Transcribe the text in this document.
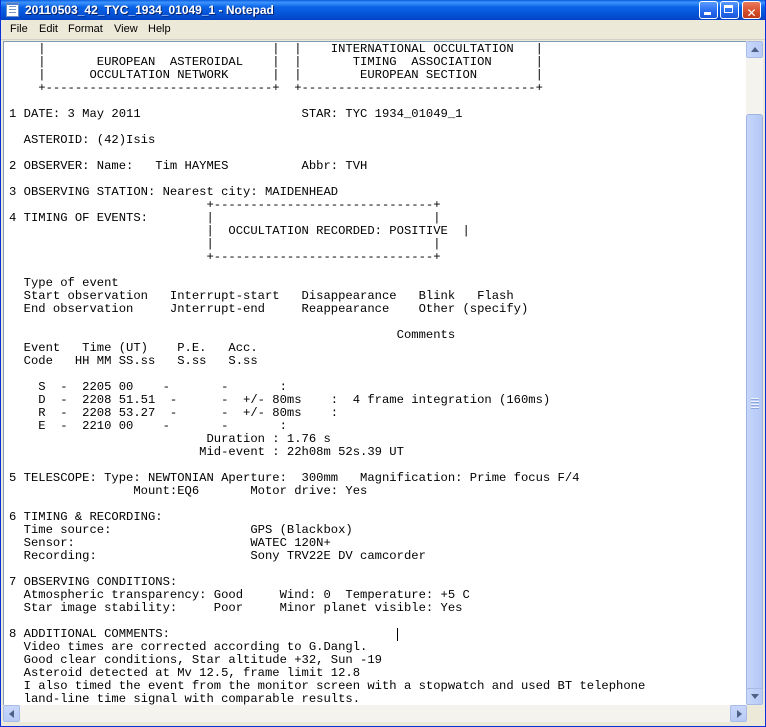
20110503_42_TYC_1934_01049_1 - Notepad	✕
File Edit Format View Help
|                               |  |    INTERNATIONAL OCCULTATION   |
|       EUROPEAN  ASTEROIDAL    |  |       TIMING  ASSOCIATION      |
|      OCCULTATION NETWORK      |  |        EUROPEAN SECTION        |
+-------------------------------+  +--------------------------------+

1 DATE: 3 May 2011                      STAR: TYC 1934_01049_1

ASTEROID: (42)Isis

2 OBSERVER: Name:   Tim HAYMES          Abbr: TVH

3 OBSERVING STATION: Nearest city: MAIDENHEAD
+------------------------------+
4 TIMING OF EVENTS:        |                              |
|  OCCULTATION RECORDED: POSITIVE  |
|                              |
+------------------------------+

Type of event
Start observation   Interrupt-start   Disappearance   Blink   Flash
End observation     Jnterrupt-end     Reappearance    Other (specify)

Comments
Event   Time (UT)    P.E.   Acc.
Code   HH MM SS.ss   S.ss   S.ss

S  -  2205 00    -       -       :
D  -  2208 51.51  -      -  +/- 80ms    :  4 frame integration (160ms)
R  -  2208 53.27  -      -  +/- 80ms    :
E  -  2210 00    -       -       :
Duration : 1.76 s
Mid-event : 22h08m 52s.39 UT

5 TELESCOPE: Type: NEWTONIAN Aperture:  300mm   Magnification: Prime focus F/4
Mount:EQ6       Motor drive: Yes

6 TIMING & RECORDING:
Time source:                   GPS (Blackbox)
Sensor:                        WATEC 120N+
Recording:                     Sony TRV22E DV camcorder

7 OBSERVING CONDITIONS:
Atmospheric transparency: Good     Wind: 0  Temperature: +5 C
Star image stability:     Poor     Minor planet visible: Yes

8 ADDITIONAL COMMENTS:
Video times are corrected according to G.Dangl.
Good clear conditions, Star altitude +32, Sun -19
Asteroid detected at Mv 12.5, frame limit 12.8
I also timed the event from the monitor screen with a stopwatch and used BT telephone
land-line time signal with comparable results.
